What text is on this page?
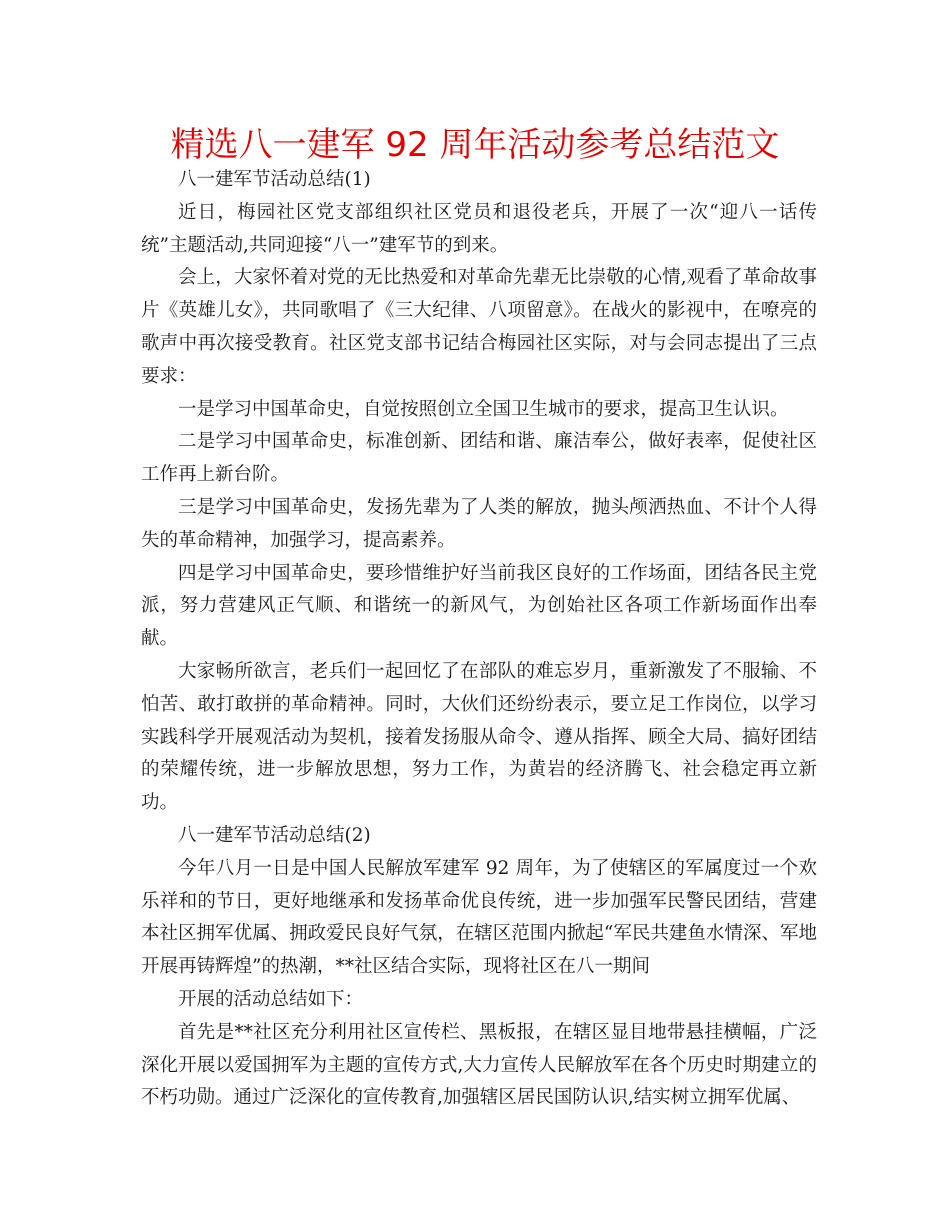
精选八一建军 92 周年活动参考总结范文

八一建军节活动总结(1)

近日，梅园社区党支部组织社区党员和退役老兵，开展了一次“迎八一话传统”主题活动,共同迎接“八一”建军节的到来。

会上，大家怀着对党的无比热爱和对革命先辈无比崇敬的心情,观看了革命故事片《英雄儿女》，共同歌唱了《三大纪律、八项留意》。在战火的影视中，在嘹亮的歌声中再次接受教育。社区党支部书记结合梅园社区实际，对与会同志提出了三点要求：

一是学习中国革命史，自觉按照创立全国卫生城市的要求，提高卫生认识。

二是学习中国革命史，标准创新、团结和谐、廉洁奉公，做好表率，促使社区工作再上新台阶。

三是学习中国革命史，发扬先辈为了人类的解放，抛头颅洒热血、不计个人得失的革命精神，加强学习，提高素养。

四是学习中国革命史，要珍惜维护好当前我区良好的工作场面，团结各民主党派，努力营建风正气顺、和谐统一的新风气，为创始社区各项工作新场面作出奉献。

大家畅所欲言，老兵们一起回忆了在部队的难忘岁月，重新激发了不服输、不怕苦、敢打敢拼的革命精神。同时，大伙们还纷纷表示，要立足工作岗位，以学习实践科学开展观活动为契机，接着发扬服从命令、遵从指挥、顾全大局、搞好团结的荣耀传统，进一步解放思想，努力工作，为黄岩的经济腾飞、社会稳定再立新功。

八一建军节活动总结(2)

今年八月一日是中国人民解放军建军 92 周年，为了使辖区的军属度过一个欢乐祥和的节日，更好地继承和发扬革命优良传统，进一步加强军民警民团结，营建本社区拥军优属、拥政爱民良好气氛，在辖区范围内掀起“军民共建鱼水情深、军地开展再铸辉煌”的热潮，**社区结合实际，现将社区在八一期间

开展的活动总结如下：

首先是**社区充分利用社区宣传栏、黑板报，在辖区显目地带悬挂横幅，广泛深化开展以爱国拥军为主题的宣传方式,大力宣传人民解放军在各个历史时期建立的不朽功勋。通过广泛深化的宣传教育,加强辖区居民国防认识,结实树立拥军优属、
